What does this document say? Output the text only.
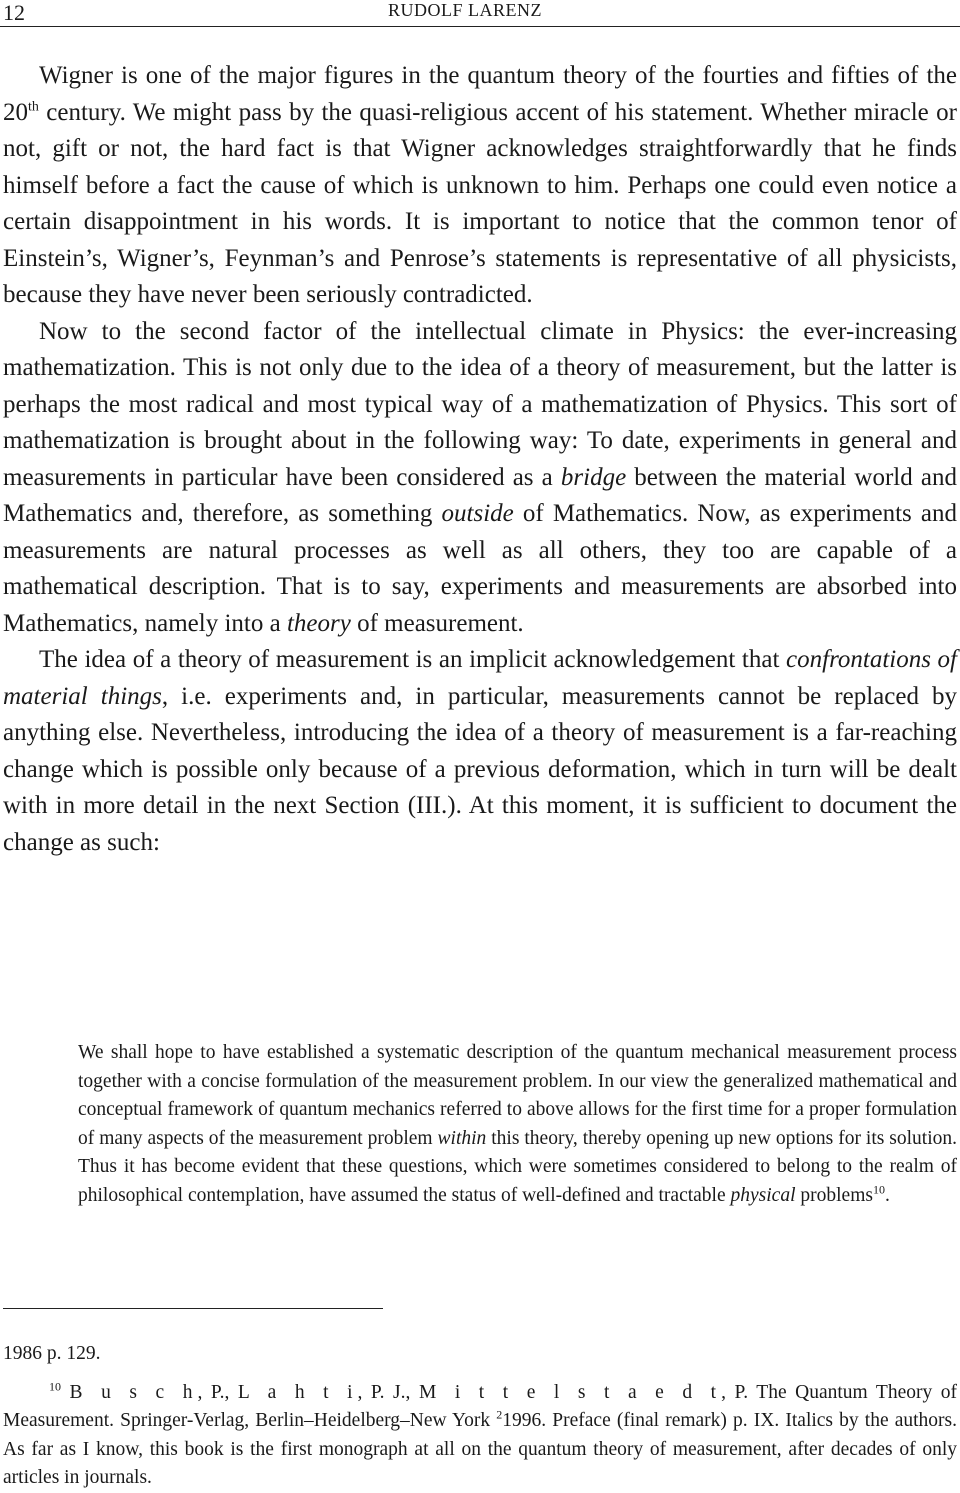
12	RUDOLF LARENZ

Wigner is one of the major figures in the quantum theory of the fourties and fifties of the 20th century. We might pass by the quasi-religious accent of his statement. Whether miracle or not, gift or not, the hard fact is that Wigner acknowledges straightforwardly that he finds himself before a fact the cause of which is unknown to him. Perhaps one could even notice a certain disappointment in his words. It is important to notice that the common tenor of Einstein’s, Wigner’s, Feynman’s and Penrose’s statements is representative of all physicists, because they have never been seriously contradicted.

Now to the second factor of the intellectual climate in Physics: the ever-increasing mathematization. This is not only due to the idea of a theory of measurement, but the latter is perhaps the most radical and most typical way of a mathematization of Physics. This sort of mathematization is brought about in the following way: To date, experiments in general and measurements in particular have been considered as a bridge between the material world and Mathematics and, therefore, as something outside of Mathematics. Now, as experiments and measurements are natural processes as well as all others, they too are capable of a mathematical description. That is to say, experiments and measurements are absorbed into Mathematics, namely into a theory of measurement.

The idea of a theory of measurement is an implicit acknowledgement that confrontations of material things, i.e. experiments and, in particular, measurements cannot be replaced by anything else. Nevertheless, introducing the idea of a theory of measurement is a far-reaching change which is possible only because of a previous deformation, which in turn will be dealt with in more detail in the next Section (III.). At this moment, it is sufficient to document the change as such:

We shall hope to have established a systematic description of the quantum mechanical measurement process together with a concise formulation of the measurement problem. In our view the generalized mathematical and conceptual framework of quantum mechanics referred to above allows for the first time for a proper formulation of many aspects of the measurement problem within this theory, thereby opening up new options for its solution. Thus it has become evident that these questions, which were sometimes considered to belong to the realm of philosophical contemplation, have assumed the status of well-defined and tractable physical problems$^{10}$.

1986 p. 129.

$^{10}$ B u s c h, P., L a h t i, P. J., M i t t e l s t a e d t, P. The Quantum Theory of Measurement. Springer-Verlag, Berlin–Heidelberg–New York $^2$1996. Preface (final remark) p. IX. Italics by the authors. As far as I know, this book is the first monograph at all on the quantum theory of measurement, after decades of only articles in journals.
